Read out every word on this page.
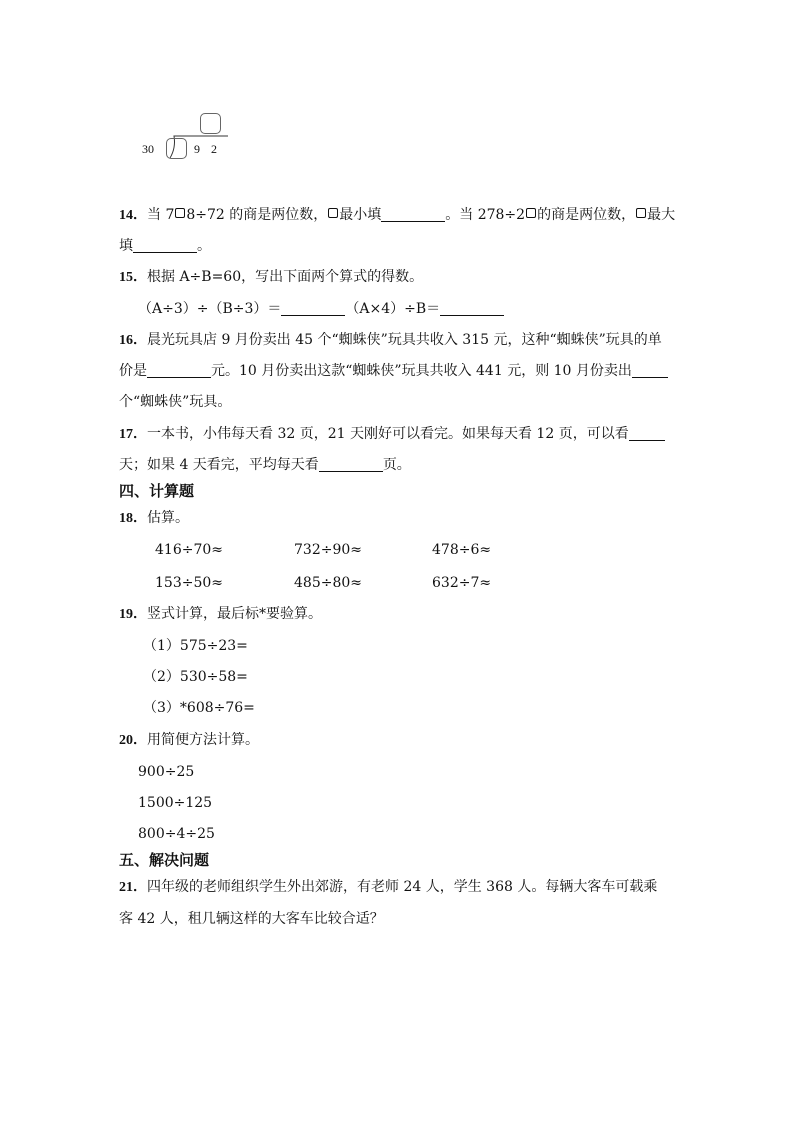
30	9 2
14．当 7 8÷72 的商是两位数， 最小填	。当 278÷2 的商是两位数， 最大
填	。
15．根据 A÷B=60，写出下面两个算式的得数。
（A÷3）÷（B÷3）＝	（A×4）÷B＝
16．晨光玩具店 9 月份卖出 45 个“蜘蛛侠”玩具共收入 315 元，这种“蜘蛛侠”玩具的单
价是	元。10 月份卖出这款“蜘蛛侠”玩具共收入 441 元，则 10 月份卖出
个“蜘蛛侠”玩具。
17．一本书，小伟每天看 32 页，21 天刚好可以看完。如果每天看 12 页，可以看
天；如果 4 天看完，平均每天看	页。
四、计算题
18．估算。
416÷70≈	732÷90≈	478÷6≈
153÷50≈	485÷80≈	632÷7≈
19．竖式计算，最后标*要验算。
（1）575÷23=
（2）530÷58=
（3）*608÷76=
20．用简便方法计算。
900÷25
1500÷125
800÷4÷25
五、解决问题
21．四年级的老师组织学生外出郊游，有老师 24 人，学生 368 人。每辆大客车可载乘
客 42 人，租几辆这样的大客车比较合适？
